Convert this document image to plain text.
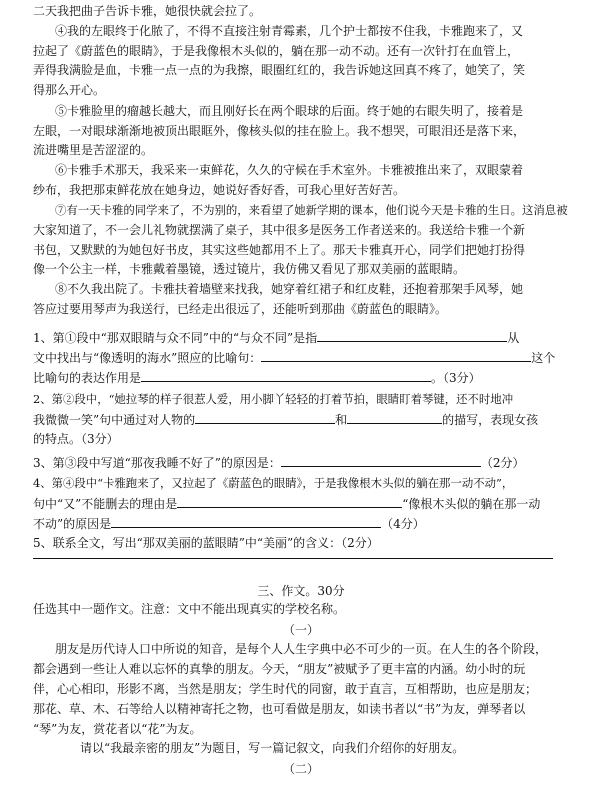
二天我把曲子告诉卡雅，她很快就会拉了。
④我的左眼终于化脓了，不得不直接注射青霉素，几个护士都按不住我，卡雅跑来了，又
拉起了《蔚蓝色的眼睛》，于是我像根木头似的，躺在那一动不动。还有一次针打在血管上，
弄得我满脸是血，卡雅一点一点的为我擦，眼圈红红的，我告诉她这回真不疼了，她笑了，笑
得那么开心。
⑤卡雅脸里的瘤越长越大，而且刚好长在两个眼球的后面。终于她的右眼失明了，接着是
左眼，一对眼球渐渐地被顶出眼眶外，像核头似的挂在脸上。我不想哭，可眼泪还是落下来，
流进嘴里是苦涩涩的。
⑥卡雅手术那天，我采来一束鲜花，久久的守候在手术室外。卡雅被推出来了，双眼蒙着
纱布，我把那束鲜花放在她身边，她说好香好香，可我心里好苦好苦。
⑦有一天卡雅的同学来了，不为别的，来看望了她新学期的课本，他们说今天是卡雅的生日。这消息被
大家知道了，不一会儿礼物就摆满了桌子，其中很多是医务工作者送来的。我送给卡雅一个新
书包，又默默的为她包好书皮，其实这些她都用不上了。那天卡雅真开心，同学们把她打扮得
像一个公主一样，卡雅戴着墨镜，透过镜片，我仿佛又看见了那双美丽的蓝眼睛。
⑧不久我出院了。卡雅扶着墙壁来找我，她穿着红裙子和红皮鞋，还抱着那架手风琴，她
答应过要用琴声为我送行，已经走出很远了，还能听到那曲《蔚蓝色的眼睛》。
1、第①段中“那双眼睛与众不同”中的“与众不同”是指	从
文中找出与“像透明的海水”照应的比喻句：	这个
比喻句的表达作用是	。（3分）
2、第②段中，“她拉琴的样子很惹人爱，用小脚丫轻轻的打着节拍，眼睛盯着琴键，还不时地冲
我微微一笑”句中通过对人物的	和	的描写，表现女孩
的特点。（3分）
3、第③段中写道“那夜我睡不好了”的原因是：	（2分）
4、第④段中“卡雅跑来了，又拉起了《蔚蓝色的眼睛》，于是我像根木头似的躺在那一动不动”，
句中“又”不能删去的理由是	“像根木头似的躺在那一动
不动”的原因是	（4分）
5、联系全文，写出“那双美丽的蓝眼睛”中“美丽”的含义：（2分）
三、作文。30分
任选其中一题作文。注意：文中不能出现真实的学校名称。
（一）
朋友是历代诗人口中所说的知音，是每个人人生字典中必不可少的一页。在人生的各个阶段，
都会遇到一些让人难以忘怀的真挚的朋友。今天，“朋友”被赋予了更丰富的内涵。幼小时的玩
伴，心心相印，形影不离，当然是朋友；学生时代的同窗，敢于直言，互相帮助，也应是朋友；
那花、草、木、石等给人以精神寄托之物，也可看做是朋友，如读书者以“书”为友，弹琴者以
“琴”为友，赏花者以“花”为友。
请以“我最亲密的朋友”为题目，写一篇记叙文，向我们介绍你的好朋友。
（二）
